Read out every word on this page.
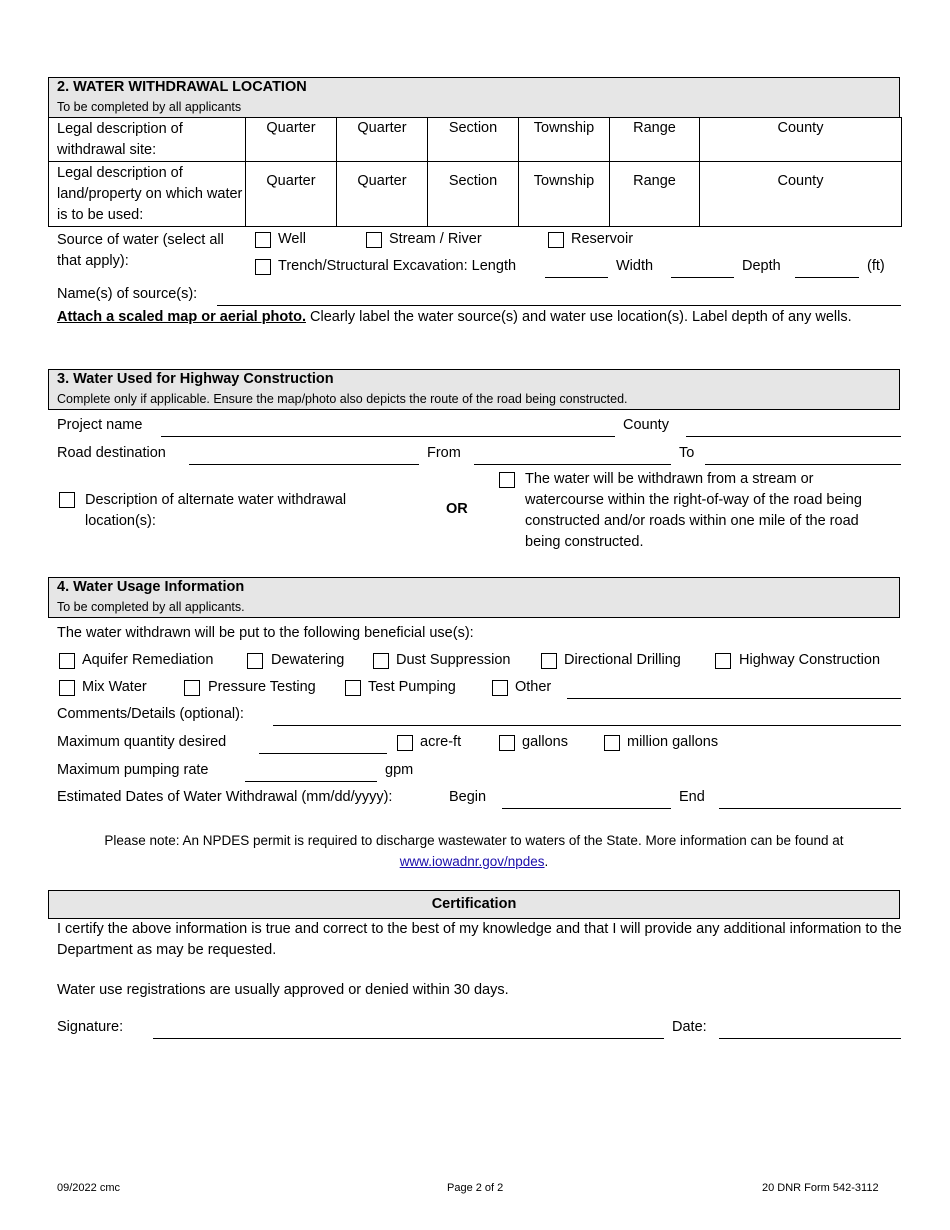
2. WATER WITHDRAWAL LOCATION
To be completed by all applicants
Legal description of withdrawal site:	Quarter	Quarter	Section	Township	Range	County
Legal description of land/property on which water is to be used:	Quarter	Quarter	Section	Township	Range	County
Source of water (select all that apply):
Well	Stream / River	Reservoir
Trench/Structural Excavation: Length	Width	Depth	(ft)
Name(s) of source(s):
Attach a scaled map or aerial photo. Clearly label the water source(s) and water use location(s). Label depth of any wells.
3. Water Used for Highway Construction
Complete only if applicable. Ensure the map/photo also depicts the route of the road being constructed.
Project name	County
Road destination	From	To
Description of alternate water withdrawal location(s):
OR
The water will be withdrawn from a stream or watercourse within the right-of-way of the road being constructed and/or roads within one mile of the road being constructed.
4. Water Usage Information
To be completed by all applicants.
The water withdrawn will be put to the following beneficial use(s):
Aquifer Remediation	Dewatering	Dust Suppression	Directional Drilling	Highway Construction
Mix Water	Pressure Testing	Test Pumping	Other
Comments/Details (optional):
Maximum quantity desired	acre-ft	gallons	million gallons
Maximum pumping rate	gpm
Estimated Dates of Water Withdrawal (mm/dd/yyyy):	Begin	End
Please note: An NPDES permit is required to discharge wastewater to waters of the State. More information can be found at
www.iowadnr.gov/npdes.
Certification
I certify the above information is true and correct to the best of my knowledge and that I will provide any additional information to the Department as may be requested.
Water use registrations are usually approved or denied within 30 days.
Signature:	Date:
09/2022 cmc	Page 2 of 2	20 DNR Form 542-3112
